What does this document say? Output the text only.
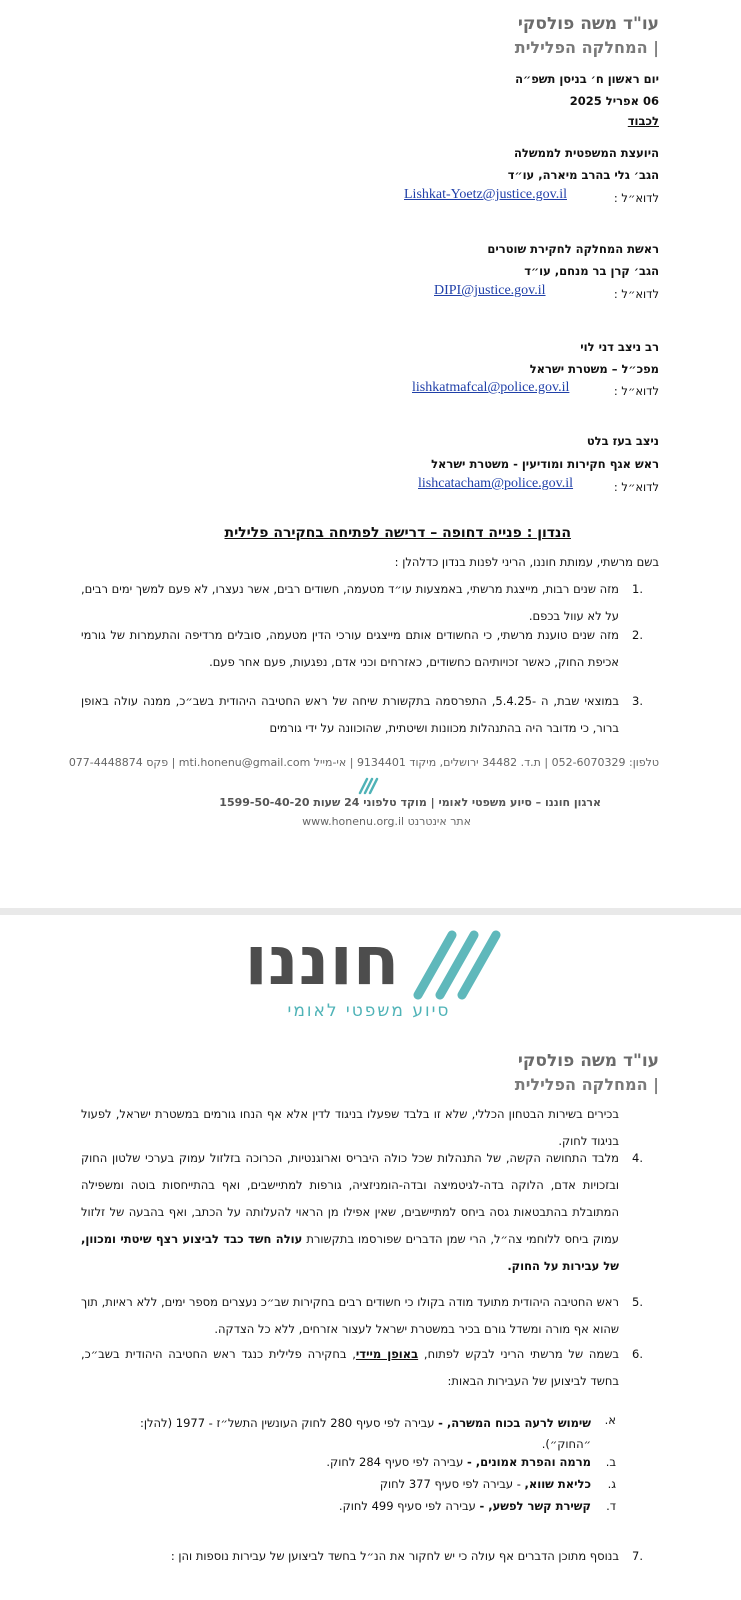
עו"ד משה פולסקי
| המחלקה הפלילית
יום ראשון ח׳ בניסן תשפ״ה
06 אפריל 2025
לכבוד
היועצת המשפטית לממשלה
הגב׳ גלי בהרב מיארה, עו״ד
לדוא״ל :
Lishkat-Yoetz@justice.gov.il
ראשת המחלקה לחקירת שוטרים
הגב׳ קרן בר מנחם, עו״ד
לדוא״ל :
DIPI@justice.gov.il
רב ניצב דני לוי
מפכ״ל – משטרת ישראל
לדוא״ל :
lishkatmafcal@police.gov.il
ניצב בעז בלט
ראש אגף חקירות ומודיעין - משטרת ישראל
לדוא״ל :
lishcatacham@police.gov.il
הנדון : פנייה דחופה – דרישה לפתיחה בחקירה פלילית
בשם מרשתי, עמותת חוננו, הריני לפנות בנדון כדלהלן :
1.
מזה שנים רבות, מייצגת מרשתי, באמצעות עו״ד מטעמה, חשודים רבים, אשר נעצרו, לא פעם למשך ימים רבים, על לא עוול בכפם.
2.
מזה שנים טוענת מרשתי, כי החשודים אותם מייצגים עורכי הדין מטעמה, סובלים מרדיפה והתעמרות של גורמי אכיפת החוק, כאשר זכויותיהם כחשודים, כאזרחים וכני אדם, נפגעות, פעם אחר פעם.
3.
במוצאי שבת, ה -5.4.25, התפרסמה בתקשורת שיחה של ראש החטיבה היהודית בשב״כ, ממנה עולה באופן ברור, כי מדובר היה בהתנהלות מכוונות ושיטתית, שהוכוונה על ידי גורמים
טלפון: 052-6070329 | ת.ד. 34482 ירושלים, מיקוד 9134401 | אי-מייל mti.honenu@gmail.com | פקס 077-4448874
ארגון חוננו – סיוע משפטי לאומי | מוקד טלפוני 24 שעות 1599-50-40-20
אתר אינטרנט www.honenu.org.il
חוננו
סיוע משפטי לאומי
עו"ד משה פולסקי
| המחלקה הפלילית
בכירים בשירות הבטחון הכללי, שלא זו בלבד שפעלו בניגוד לדין אלא אף הנחו גורמים במשטרת ישראל, לפעול בניגוד לחוק.
4.
מלבד התחושה הקשה, של התנהלות שכל כולה היבריס וארוגנטיות, הכרוכה בזלזול עמוק בערכי שלטון החוק ובזכויות אדם, הלוקה בדה-לגיטמיצה ובדה-הומניזציה, גורפות למתיישבים, ואף בהתייחסות בוטה ומשפילה המתובלת בהתבטאות גסה ביחס למתיישבים, שאין אפילו מן הראוי להעלותה על הכתב, ואף בהבעה של זלזול עמוק ביחס ללוחמי צה״ל, הרי שמן הדברים שפורסמו בתקשורת עולה חשד כבד לביצוע רצף שיטתי ומכוון, של עבירות על החוק.
5.
ראש החטיבה היהודית מתועד מודה בקולו כי חשודים רבים בחקירות שב״כ נעצרים מספר ימים, ללא ראיות, תוך שהוא אף מורה ומשדל גורם בכיר במשטרת ישראל לעצור אזרחים, ללא כל הצדקה.
6.
בשמה של מרשתי הריני לבקש לפתוח, באופן מיידי, בחקירה פלילית כנגד ראש החטיבה היהודית בשב״כ, בחשד לביצוען של העבירות הבאות:
א.
שימוש לרעה בכוח המשרה, - עבירה לפי סעיף 280 לחוק העונשין התשל״ז - 1977 (להלן: ״החוק״).
ב.
מרמה והפרת אמונים, - עבירה לפי סעיף 284 לחוק.
ג.
כליאת שווא, - עבירה לפי סעיף 377 לחוק
ד.
קשירת קשר לפשע, - עבירה לפי סעיף 499 לחוק.
7.
בנוסף מתוכן הדברים אף עולה כי יש לחקור את הנ״ל בחשד לביצוען של עבירות נוספות והן :
